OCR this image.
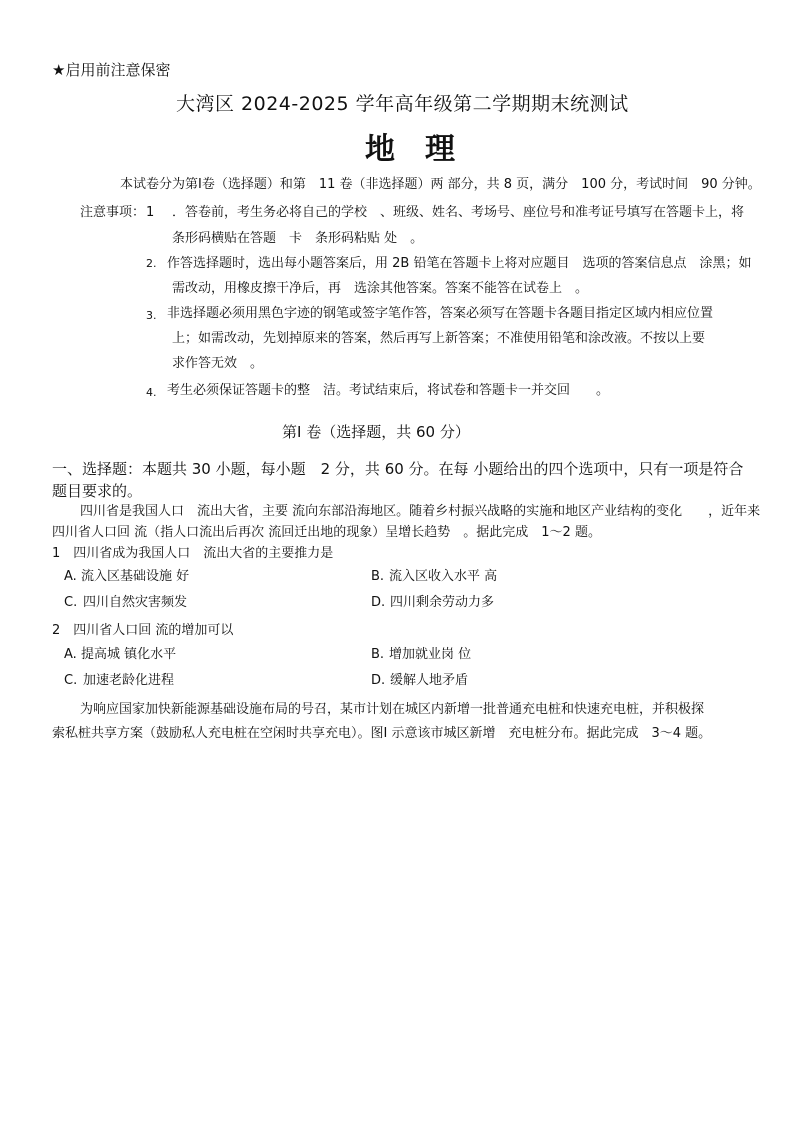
★启用前注意保密
大湾区 2024-2025 学年高年级第二学期期末统测试
地　理
本试卷分为第Ⅰ卷（选择题）和第　11 卷（非选择题）两 部分，共 8 页，满分　100 分，考试时间　90 分钟。
注意事项： 1 ．答卷前，考生务必将自己的学校　、班级、姓名、考场号、座位号和准考证号填写在答题卡上，将
条形码横贴在答题　卡　条形码粘贴 处　。
2. 作答选择题时，选出每小题答案后，用 2B 铅笔在答题卡上将对应题目　选项的答案信息点　涂黑；如
需改动，用橡皮擦干净后，再　选涂其他答案。答案不能答在试卷上　。
3. 非选择题必须用黑色字迹的钢笔或签字笔作答，答案必须写在答题卡各题目指定区域内相应位置
上；如需改动，先划掉原来的答案，然后再写上新答案；不准使用铅笔和涂改液。不按以上要
求作答无效　。
4. 考生必须保证答题卡的整　洁。考试结束后，将试卷和答题卡一并交回　　。
第Ⅰ 卷（选择题，共 60 分）
一、选择题：本题共 30 小题，每小题　2 分，共 60 分。在每 小题给出的四个选项中，只有一项是符合
题目要求的。
四川省是我国人口　流出大省，主要 流向东部沿海地区。随着乡村振兴战略的实施和地区产业结构的变化　　，近年来
四川省人口回 流（指人口流出后再次 流回迁出地的现象）呈增长趋势　。据此完成　1～2 题。
1　四川省成为我国人口　流出大省的主要推力是
A. 流入区基础设施 好	B. 流入区收入水平 高
C. 四川自然灾害频发	D. 四川剩余劳动力多
2　四川省人口回 流的增加可以
A. 提高城 镇化水平	B. 增加就业岗 位
C. 加速老龄化进程	D. 缓解人地矛盾
为响应国家加快新能源基础设施布局的号召，某市计划在城区内新增一批普通充电桩和快速充电桩，并积极探
索私桩共享方案（鼓励私人充电桩在空闲时共享充电）。图Ⅰ 示意该市城区新增　充电桩分布。据此完成　3～4 题。
